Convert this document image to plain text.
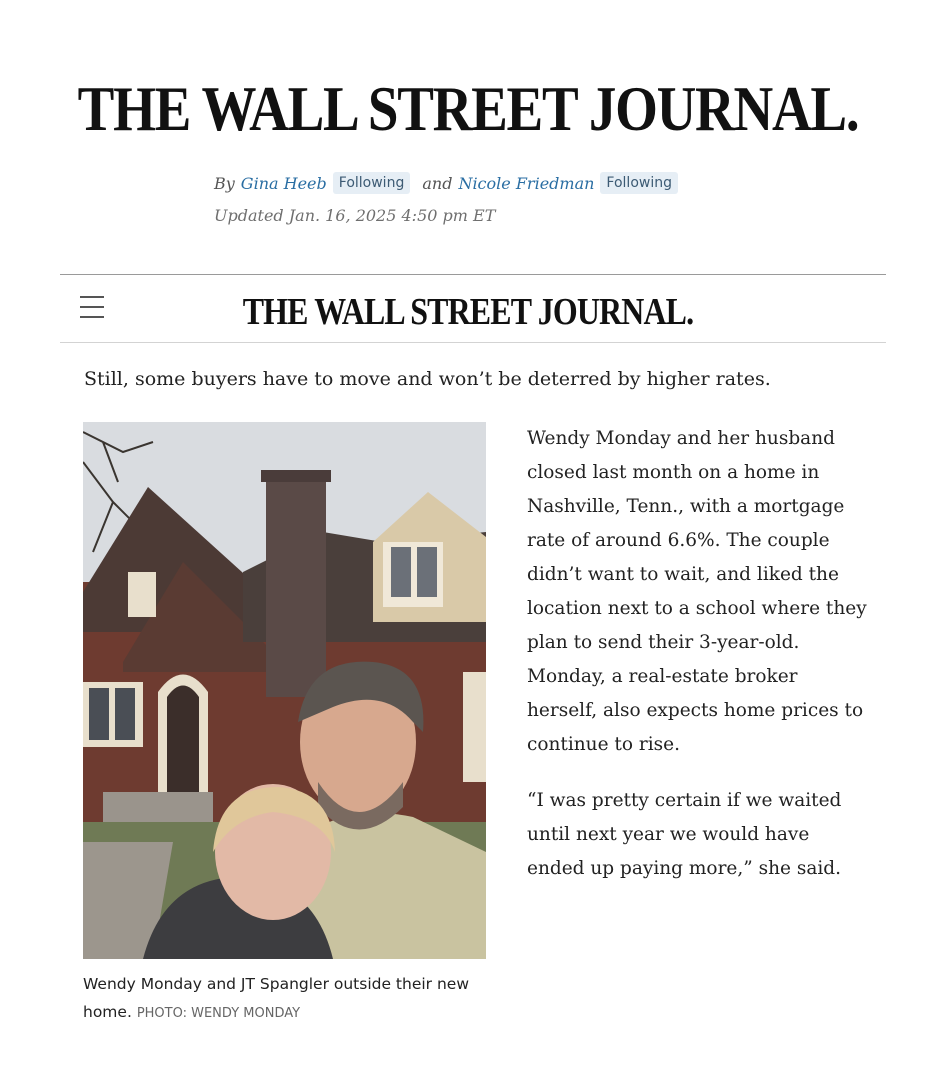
THE WALL STREET JOURNAL.
By Gina Heeb Following	and Nicole Friedman Following
Updated Jan. 16, 2025 4:50 pm ET
THE WALL STREET JOURNAL.
Still, some buyers have to move and won’t be deterred by higher rates.
Wendy Monday and JT Spangler outside their new home. PHOTO: WENDY MONDAY

Wendy Monday and her husband closed last month on a home in Nashville, Tenn., with a mortgage rate of around 6.6%. The couple didn’t want to wait, and liked the location next to a school where they plan to send their 3-year-old. Monday, a real-estate broker herself, also expects home prices to continue to rise.

“I was pretty certain if we waited until next year we would have ended up paying more,” she said.
